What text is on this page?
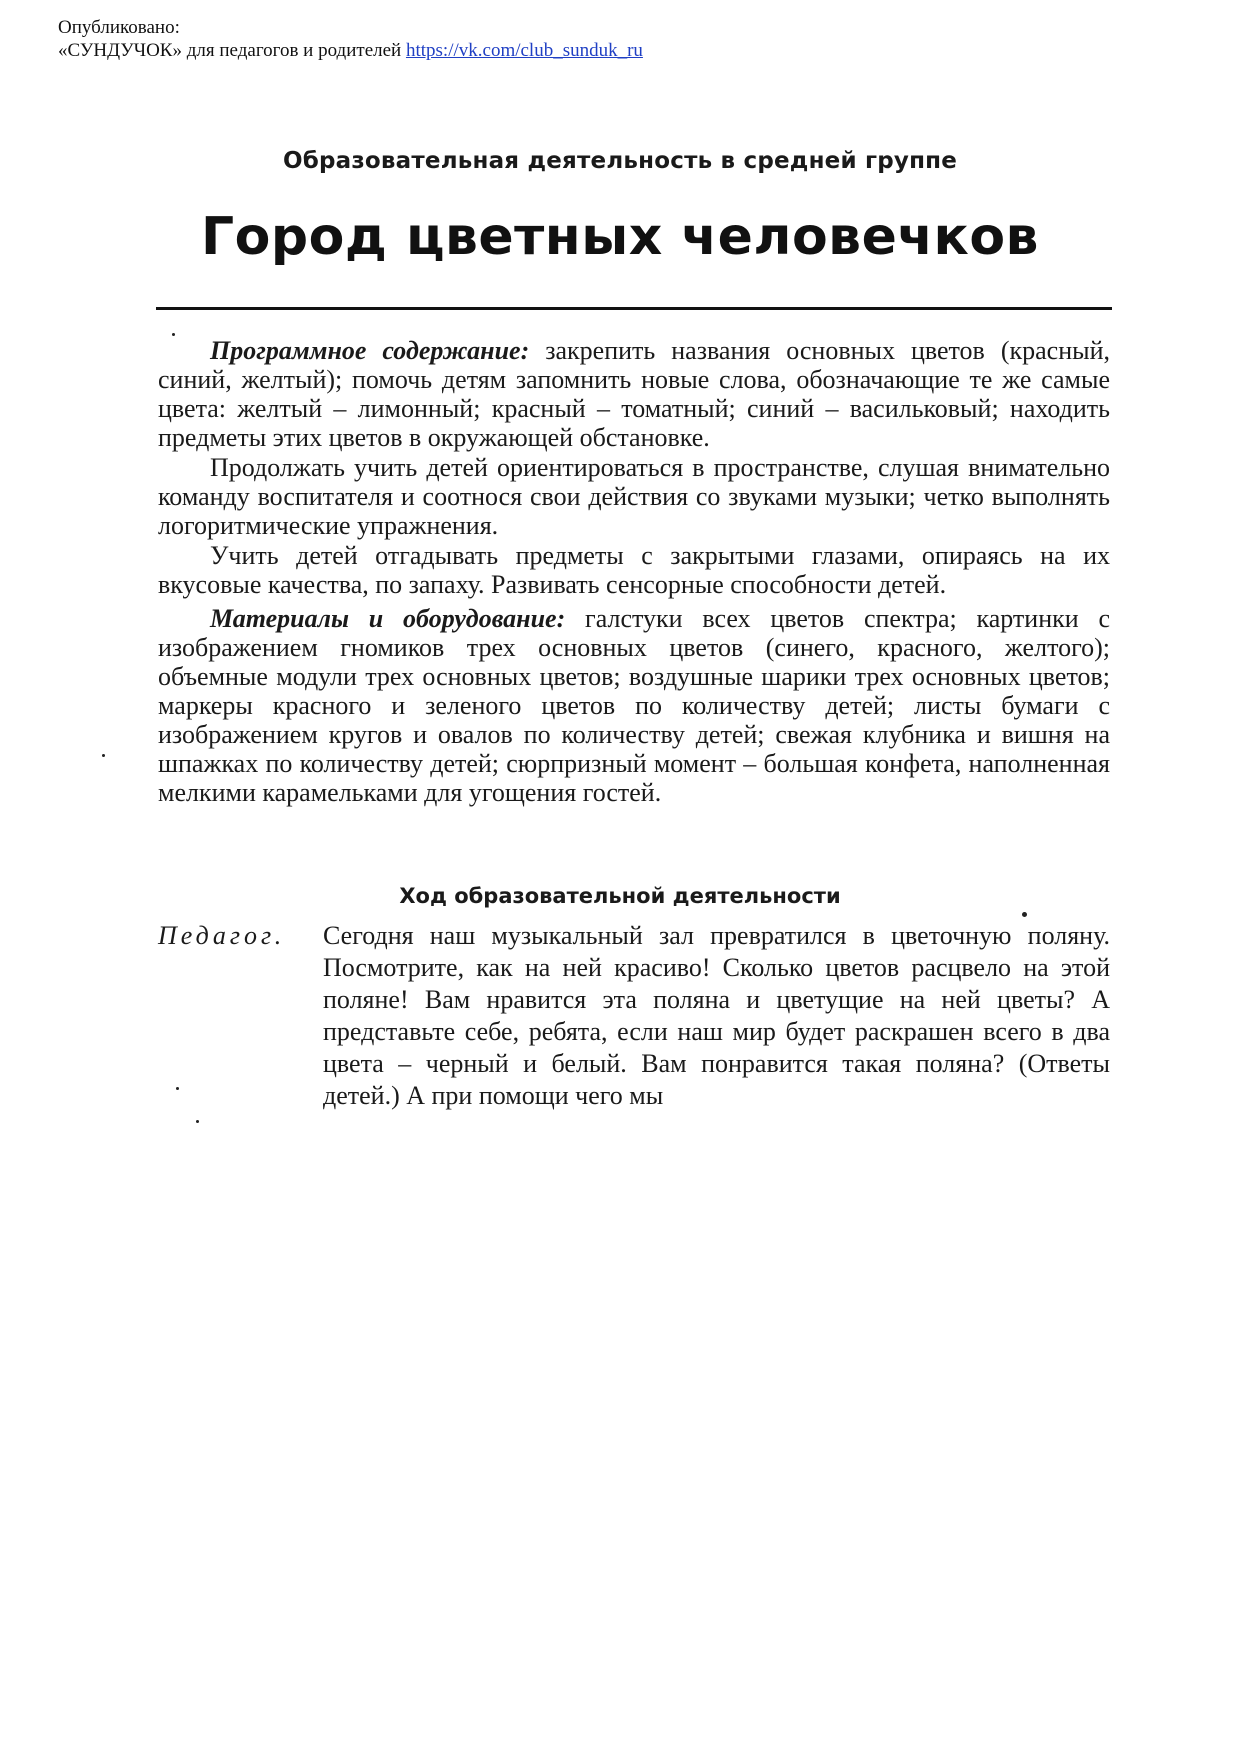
Опубликовано:
«СУНДУЧОК» для педагогов и родителей https://vk.com/club_sunduk_ru
Образовательная деятельность в средней группе
Город цветных человечков

Программное содержание: закрепить названия основных цветов (красный, синий, желтый); помочь детям запомнить новые слова, обозначающие те же самые цвета: желтый – лимонный; красный – томатный; синий – васильковый; находить предметы этих цветов в окружающей обстановке.

Продолжать учить детей ориентироваться в пространстве, слушая внимательно команду воспитателя и соотнося свои действия со звуками музыки; четко выполнять логоритмические упражнения.

Учить детей отгадывать предметы с закрытыми глазами, опираясь на их вкусовые качества, по запаху. Развивать сенсорные способности детей.

Материалы и оборудование: галстуки всех цветов спектра; картинки с изображением гномиков трех основных цветов (синего, красного, желтого); объемные модули трех основных цветов; воздушные шарики трех основных цветов; маркеры красного и зеленого цветов по количеству детей; листы бумаги с изображением кругов и овалов по количеству детей; свежая клубника и вишня на шпажках по количеству детей; сюрпризный момент – большая конфета, наполненная мелкими карамельками для угощения гостей.

Ход образовательной деятельности
Педагог. Сегодня наш музыкальный зал превратился в цветочную поляну. Посмотрите, как на ней красиво! Сколько цветов расцвело на этой поляне! Вам нравится эта поляна и цветущие на ней цветы? А представьте себе, ребята, если наш мир будет раскрашен всего в два цвета – черный и белый. Вам понравится такая поляна? (Ответы детей.) А при помощи чего мы
